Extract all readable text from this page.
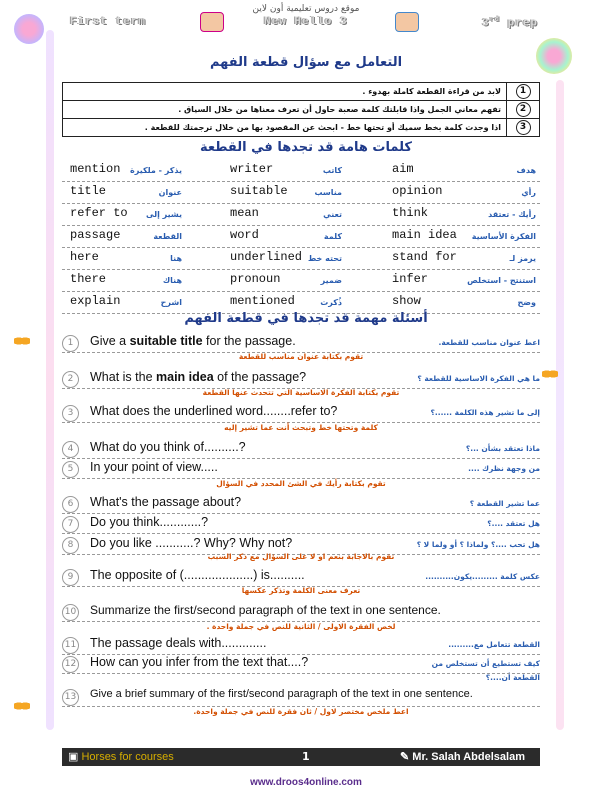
موقع دروس تعليمية أون لاين
First term	New Hello 3	3rd prep
التعامل مع سؤال قطعة الفهم
لابد من قراءة القطعة كاملة بهدوء .	1
تفهم معاني الجمل واذا قابلتك كلمة صعبة حاول أن تعرف معناها من خلال السياق .	2
اذا وجدت كلمة بخط سميك أو تحتها خط - ابحث عن المقصود بها من خلال ترجمتك للقطعة .	3
كلمات هامة قد تجدها في القطعة
mention يذكر - ملكيرة	writer	كاتب	aim	هدف
title	عنوان	suitable	مناسب	opinion	رأي
refer to يشير إلى	mean	تعني	think	رأيك - تعتقد
passage	القطعة	word	كلمة	main idea الفكرة الأساسية
here	هنا	underlined تحته خط	stand for	يرمز لـ
there	هناك	pronoun	ضمير	infer	استنتج - استخلص
explain	اشرح	mentioned	ذُكرت	show	وضح
أسئلة مهمة قد تجدها في قطعة الفهم
1	Give a suitable title for the passage.	اعط عنوان مناسب للقطعة.
تقوم بكتابة عنوان مناسب للقطعة
2	What is the main idea of the passage?	ما هي الفكرة الاساسية للقطعة ؟
تقوم بكتابة الفكرة الاساسية التي تتحدث عنها القطعة
3	What does the underlined word........refer to?	إلى ما تشير هذه الكلمة ......؟
كلمة وتحتها خط وتبحث أنت عما تشير إليه
4	What do you think of..........?	ماذا تعتقد بشأن ...؟
5	In your point of view.....	من وجهة نظرك ....
تقوم بكتابة رأيك في الشئ المحدد في السؤال
6	What's the passage about?	عما تشير القطعة ؟
7	Do you think............?	هل تعتقد ....؟
8	Do you like ...........? Why? Why not?	هل تحب ....؟ ولماذا ؟ أو ولما لا ؟
تقوم بالاجابة بنعم او لا على السؤال مع ذكر السبب
9	The opposite of (....................) is..........	عكس كلمة .........يكون..........
تعرف معنى الكلمة وتذكر عكسها
10 Summarize the first/second paragraph of the text in one sentence.
لخص الفقرة الاولى / الثانية للنص في جملة واحدة .
11 The passage deals with.............	القطعة تتعامل مع.........
12 How can you infer from the text that....?	كيف تستطيع أن تستخلص من
القطعة أن....؟
13 Give a brief summary of the first/second paragraph of the text in one sentence.
اعط ملخص مختصر لاول / ثان فقرة للنص في جملة واحدة.
▣ Horses for courses	1	✎ Mr. Salah Abdelsalam
www.droos4online.com
